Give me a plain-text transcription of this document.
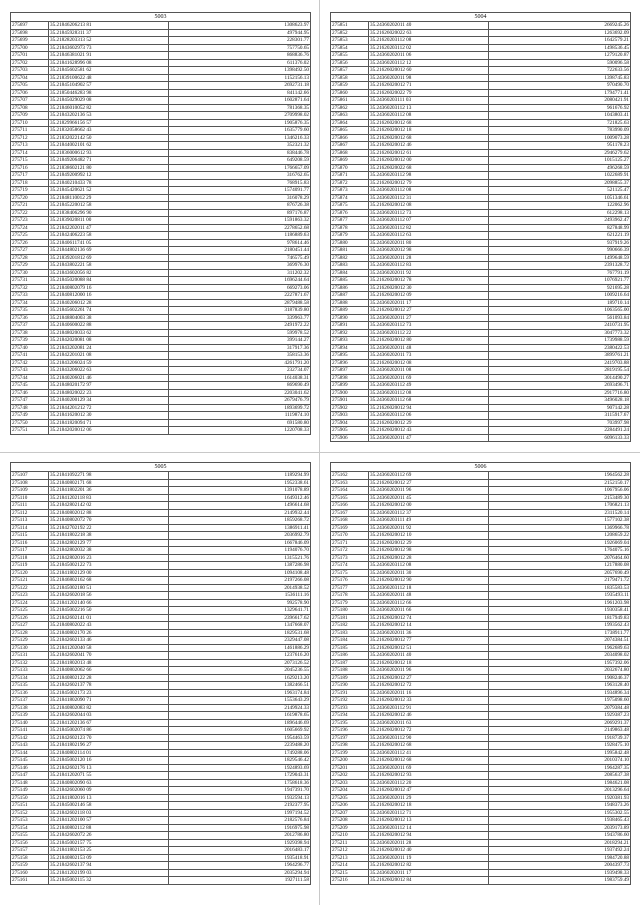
5003		
275697	35.21846206213 81	1308623.97
275698	35.21845928311 37	497944.95
275699	35.21828203313 52	228301.77
275700	35.21843602973 73	757750.65
275701	35.21846381021 91	868836.76
275702	35.21841628996 08	611376.02
275703	35.21845602581 62	1398492.50
275704	35.21839100622 48	1152156.13
275705	35.21845104902 57	2692731.18
275706	35.21850446283 98	841142.66
275707	35.21845029029 08	1602871.64
275708	35.21846010052 82	781368.35
275709	35.21843202136 53	2709998.02
275710	35.21829966156 57	1905876.35
275711	35.21832058662 43	1635779.60
275712	35.21832022142 50	1346216.33
275713	35.21844002101 62	352321.32
275714	35.21836000612 93	838446.78
275715	35.21849206482 71	649208.59
275716	35.21838602121 80	1766657.09
275717	35.21849200992 12	316762.65
275718	35.21840210433 78	768915.83
275719	35.21845420621 52	1574091.77
275720	35.21848110012 29	316078.29
275721	35.21845220012 58	876726.38
275722	35.21838406296 90	897176.87
275723	35.21839020811 00	1591863.32
275724	35.21842202011 47	2278652.68
275725	35.21842406223 58	1186889.63
275726	35.21840611741 05	978614.46
275727	35.21844802136 69	2180451.44
275728	35.21839201812 69	746575.49
275729	35.21843802221 58	369976.30
275730	35.21843602056 82	311202.32
275731	35.21845020088 84	1696244.64
275732	35.21840802079 16	669273.06
275733	35.21840812000 16	2227871.67
275734	35.21840206012 28	2879488.58
275735	35.21845602261 74	3187839.80
275736	35.21848804003 38	339963.77
275737	35.21840600022 88	2491972.22
275738	35.21848020033 62	599978.52
275739	35.21842020081 08	399144.27
275740	35.21843202081 24	317917.36
275741	35.21842201021 08	358153.36
275742	35.21843206024 59	4261791.20
275743	35.21843206022 63	232734.07
275744	35.21840206021 46	1614038.31
275745	35.21848020172 97	869690.49
275746	35.21848020022 23	2203041.62
275747	35.21840200129 34	2679476.79
275748	35.21844201212 72	1893699.72
275749	35.21841620012 30	1119874.10
275750	35.21841820094 71	691580.80
275751	35.21842020012 06	1220708.33
5004		
275851	35.24360202011 40	2669245.26
275852	35.21626020022 63	1263692.09
275853	35.21620203112 08	1642579.21
275854	35.21620203112 02	1498536.45
275855	35.24360202011 06	1279120.87
275856	35.24360203112 12	590096.58
275857	35.21626020012 60	722633.56
275858	35.24360202011 98	1398745.83
275859	35.21626020012 71	970490.70
275860	35.21626020022 79	1794771.41
275861	35.24360203111 03	2080421.91
275862	35.24360203112 13	961676.92
275863	35.24360203112 08	1043803.41
275864	35.21626020012 68	721825.63
275865	35.21626020012 18	783990.09
275866	35.21626020012 68	1009073.28
275867	35.21626020012 46	951178.23
275868	35.21626020012 61	2946279.62
275869	35.21626020012 00	1015125.27
275870	35.21626020022 68	496268.59
275871	35.24360203112 98	1022689.91
275872	35.21626020012 79	2098855.37
275873	35.24360203112 08	521125.47
275874	35.24360203112 31	1051346.61
275875	35.21626020012 08	122062.96
275876	35.24360203112 73	612298.13
275877	35.24360203112 07	2493962.47
275878	35.24360203112 82	827848.99
275879	35.24360203112 63	621221.19
275880	35.24360202011 80	937919.26
275881	35.24360202012 98	990666.39
275882	35.24360202011 28	1499648.59
275883	35.24360203112 83	2391328.72
275884	35.24360202011 92	767791.19
275885	35.21626020012 78	1076921.77
275886	35.21626020012 30	921695.28
275887	35.21626020012 09	1009216.64
275888	35.24360202011 17	189710.14
275889	35.21626020012 27	1063565.00
275890	35.24360202011 27	561093.84
275891	35.24360203112 73	2410731.95
275892	35.24360203112 22	3047773.32
275893	35.21626020012 80	1739988.59
275894	35.24360202011 48	2380422.53
275895	35.24360202011 73	3899761.21
275896	35.21626020012 08	2419703.88
275897	35.24360202011 08	2819195.54
275898	35.24360202011 69	3014490.27
275899	35.24360203112 49	2693496.71
275900	35.24360203112 08	2917716.80
275901	35.24360203112 68	3496028.18
275902	35.21626020012 94	907142.28
275903	35.24360203112 06	3115917.67
275904	35.21626020012 29	703997.98
275905	35.21626020012 43	2284491.24
275906	35.24360202011 47	6096133.33
5005		
275107	35.21841092271 98	1189294.99
275108	35.21840802171 68	1952338.61
275109	35.21841802201 36	1391078.89
275110	35.21841202118 83	1649312.46
275111	35.21842802142 02	1496614.68
275112	35.21840802012 88	2149932.44
275113	35.21840802072 70	1859268.72
275114	35.21842702192 22	1386911.41
275115	35.21841802218 38	2036992.79
275116	35.21842802129 77	1667846.09
275117	35.21842802032 38	1194076.70
275118	35.21842802016 23	1315521.76
275119	35.21845002122 73	1387286.98
275120	35.21841802129 00	1094108.48
275121	35.21846802162 68	2197266.08
275122	35.21845002180 51	2014938.52
275123	35.21842602018 56	1536111.16
275124	35.21841202140 66	992578.90
275125	35.21845002216 50	1329641.71
275126	35.21842602141 01	2396617.62
275127	35.21840802022 43	1347668.07
275128	35.21840802170 26	1829531.68
275129	35.21842602133 46	2329447.08
275130	35.21841202040 58	1461886.29
275131	35.21842602041 70	1237616.20
275132	35.21841802013 48	2073126.52
275133	35.21840802062 66	2045236.55
275134	35.21840802122 28	1629213.20
275135	35.21842602137 78	1382466.51
275136	35.21845002173 23	1963174.84
275137	35.21841802090 71	1553643.29
275138	35.21840802083 82	2149924.33
275139	35.21842602044 03	1619878.65
275140	35.21841202136 67	1896446.69
275141	35.21845002074 86	1605669.92
275142	35.21842602123 70	1954463.59
275143	35.21841802196 27	2239488.20
275144	35.21840802114 01	1749288.06
275145	35.21845002120 16	1829546.42
275146	35.21842602176 13	1924893.69
275147	35.21841202071 55	1729043.31
275148	35.21840802090 63	1758618.36
275149	35.21842602060 09	1947391.70
275150	35.21841802016 13	1932594.13
275151	35.21845002146 58	2192377.95
275152	35.21842602118 03	1997194.52
275153	35.21841202100 57	2182576.84
275154	35.21840802112 88	1916975.98
275155	35.21842602072 26	2012786.80
275156	35.21845002157 75	1929398.94
275157	35.21841802153 25	2016483.17
275158	35.21840802153 09	1935418.91
275159	35.21842602137 94	1964296.77
275160	35.21841202199 03	2035294.94
275161	35.21845002115 32	1927111.58
5006		
275162	35.24360203112 69	1964562.28
275163	35.21626020012 27	2152150.17
275164	35.24360202011 96	1067956.06
275165	35.24360202011 45	2153489.30
275166	35.21626020012 00	1706821.13
275167	35.24360203112 37	2311520.14
275168	35.24360203111 49	1577102.38
275169	35.24360202011 92	1369966.78
275170	35.21626020012 10	1208659.22
275171	35.21626020012 29	1926069.04
275172	35.21626020012 98	1764075.16
275173	35.21626020012 28	2076464.60
275174	35.24360203112 08	1217880.08
275175	35.24360202011 30	2057690.49
275176	35.21626020012 90	2179471.72
275177	35.24360203112 18	1835583.53
275178	35.24360202011 48	1935493.11
275179	35.24360203112 66	1961203.98
275180	35.24360202011 66	1930358.41
275181	35.21626020012 74	1817949.83
275182	35.21626020012 14	1993562.43
275183	35.24360202011 36	1738911.77
275184	35.21626020012 77	2074384.51
275185	35.21626020012 51	1962689.63
275186	35.24360202011 40	2034098.02
275187	35.21626020012 18	1957392.06
275188	35.24360202011 96	2032674.80
275189	35.21626020012 27	1908246.37
275190	35.21626020012 72	1963128.40
275191	35.24360202011 16	1934896.34
275192	35.21626020012 33	1975098.60
275193	35.24360203112 91	2079384.48
275194	35.21626020012 46	1929387.23
275195	35.24360202011 63	2069291.37
275196	35.21626020012 72	2149863.48
275197	35.24360203112 90	1918739.37
275198	35.21626020012 68	1928475.10
275199	35.24360203112 41	1995842.48
275200	35.21626020012 68	2010374.10
275201	35.24360202011 69	1964287.35
275202	35.21626020012 93	2085637.38
275203	35.24360203112 20	1984621.08
275204	35.21626020012 47	2013296.64
275205	35.24360202011 29	1920381.93
275206	35.21626020012 18	1948373.26
275207	35.24360203112 71	1955302.55
275208	35.21626020012 13	1938465.43
275209	35.24360203112 14	2039173.89
275210	35.21626020012 94	1943786.60
275211	35.24360202011 28	2018294.21
275212	35.21626020012 40	1937492.24
275213	35.24360202011 19	1984720.88
275214	35.21626020012 82	2004397.73
275215	35.24360202011 17	1939498.33
275216	35.21626020012 84	1983759.49
